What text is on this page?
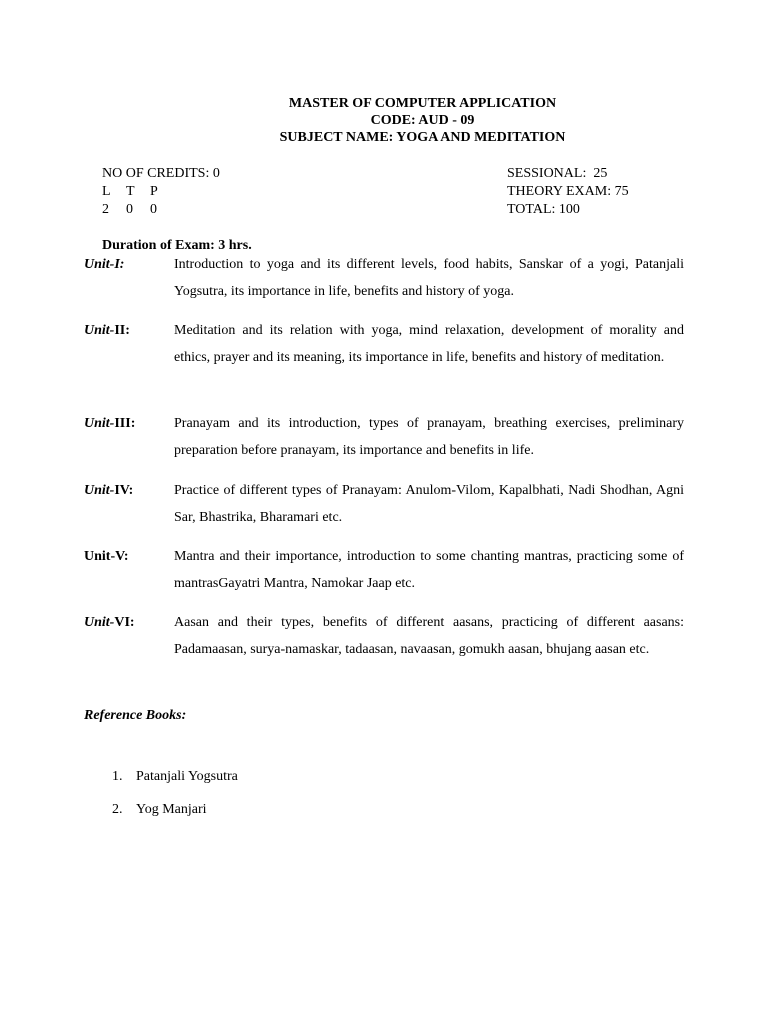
MASTER OF COMPUTER APPLICATION
CODE: AUD - 09
SUBJECT NAME: YOGA AND MEDITATION
NO OF CREDITS: 0
L T P
2 0 0
SESSIONAL:  25
THEORY EXAM: 75
TOTAL: 100
Duration of Exam: 3 hrs.
Unit-I:	Introduction to yoga and its different levels, food habits, Sanskar of a yogi, Patanjali Yogsutra, its importance in life, benefits and history of yoga.
Unit-II:	Meditation and its relation with yoga, mind relaxation, development of morality and ethics, prayer and its meaning, its importance in life, benefits and history of meditation.
Unit-III:	Pranayam and its introduction, types of pranayam, breathing exercises, preliminary preparation before pranayam, its importance and benefits in life.
Unit-IV:	Practice of different types of Pranayam: Anulom-Vilom, Kapalbhati, Nadi Shodhan, Agni Sar, Bhastrika, Bharamari etc.
Unit-V:	Mantra and their importance, introduction to some chanting mantras, practicing some of mantrasGayatri Mantra, Namokar Jaap etc.
Unit-VI:	Aasan and their types, benefits of different aasans, practicing of different aasans: Padamaasan, surya-namaskar, tadaasan, navaasan, gomukh aasan, bhujang aasan etc.
Reference Books:
1. Patanjali Yogsutra
2. Yog Manjari
